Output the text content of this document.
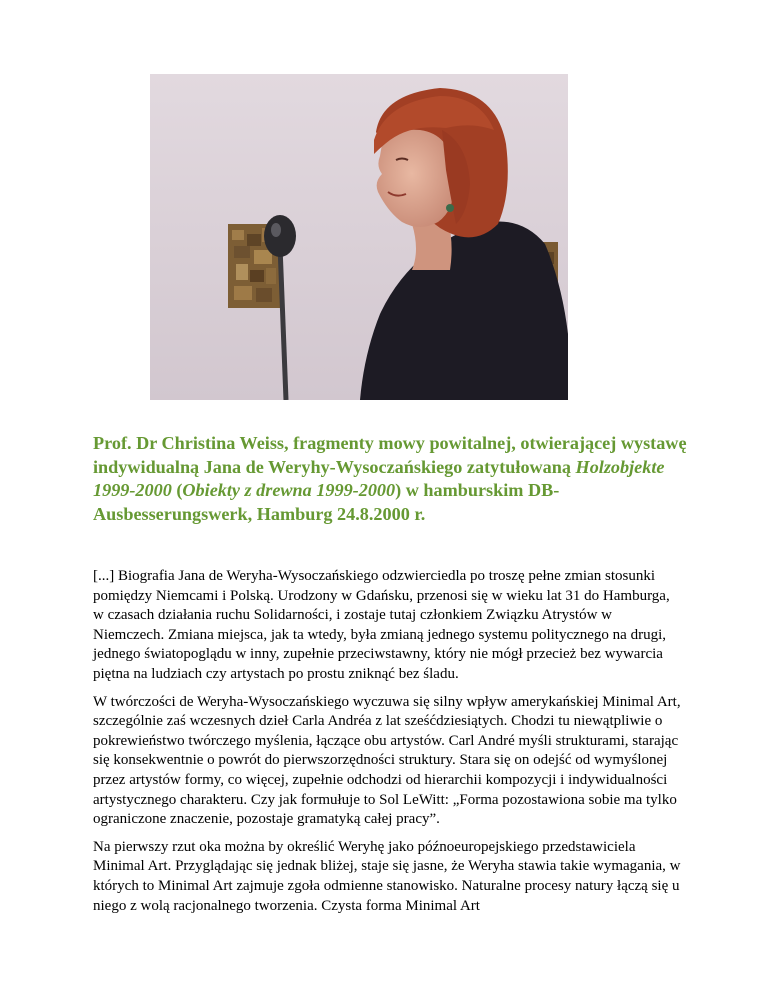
Prof. Dr Christina Weiss, fragmenty mowy powitalnej, otwierającej wystawę indywidualną Jana de Weryhy-Wysoczańskiego zatytułowaną Holzobjekte 1999-2000 (Obiekty z drewna 1999-2000) w hamburskim DB-Ausbesserungswerk, Hamburg 24.8.2000 r.

[...] Biografia Jana de Weryha-Wysoczańskiego odzwierciedla po troszę pełne zmian stosunki pomiędzy Niemcami i Polską. Urodzony w Gdańsku, przenosi się w wieku lat 31 do Hamburga, w czasach działania ruchu Solidarności, i zostaje tutaj członkiem Związku Atrystów w Niemczech. Zmiana miejsca, jak ta wtedy, była zmianą jednego systemu politycznego na drugi, jednego światopoglądu w inny, zupełnie przeciwstawny, który nie mógł przecież bez wywarcia piętna na ludziach czy artystach po prostu zniknąć bez śladu.

W twórczości de Weryha-Wysoczańskiego wyczuwa się silny wpływ amerykańskiej Minimal Art, szczególnie zaś wczesnych dzieł Carla Andréa z lat sześćdziesiątych. Chodzi tu niewątpliwie o pokrewieństwo twórczego myślenia, łączące obu artystów. Carl André myśli strukturami, starając się konsekwentnie o powrót do pierwszorzędności struktury. Stara się on odejść od wymyślonej przez artystów formy, co więcej, zupełnie odchodzi od hierarchii kompozycji i indywidualności artystycznego charakteru. Czy jak formułuje to Sol LeWitt: „Forma pozostawiona sobie ma tylko ograniczone znaczenie, pozostaje gramatyką całej pracy”.

Na pierwszy rzut oka można by określić Weryhę jako późnoeuropejskiego przedstawiciela Minimal Art. Przyglądając się jednak bliżej, staje się jasne, że Weryha stawia takie wymagania, w których to Minimal Art zajmuje zgoła odmienne stanowisko. Naturalne procesy natury łączą się u niego z wolą racjonalnego tworzenia. Czysta forma Minimal Art
